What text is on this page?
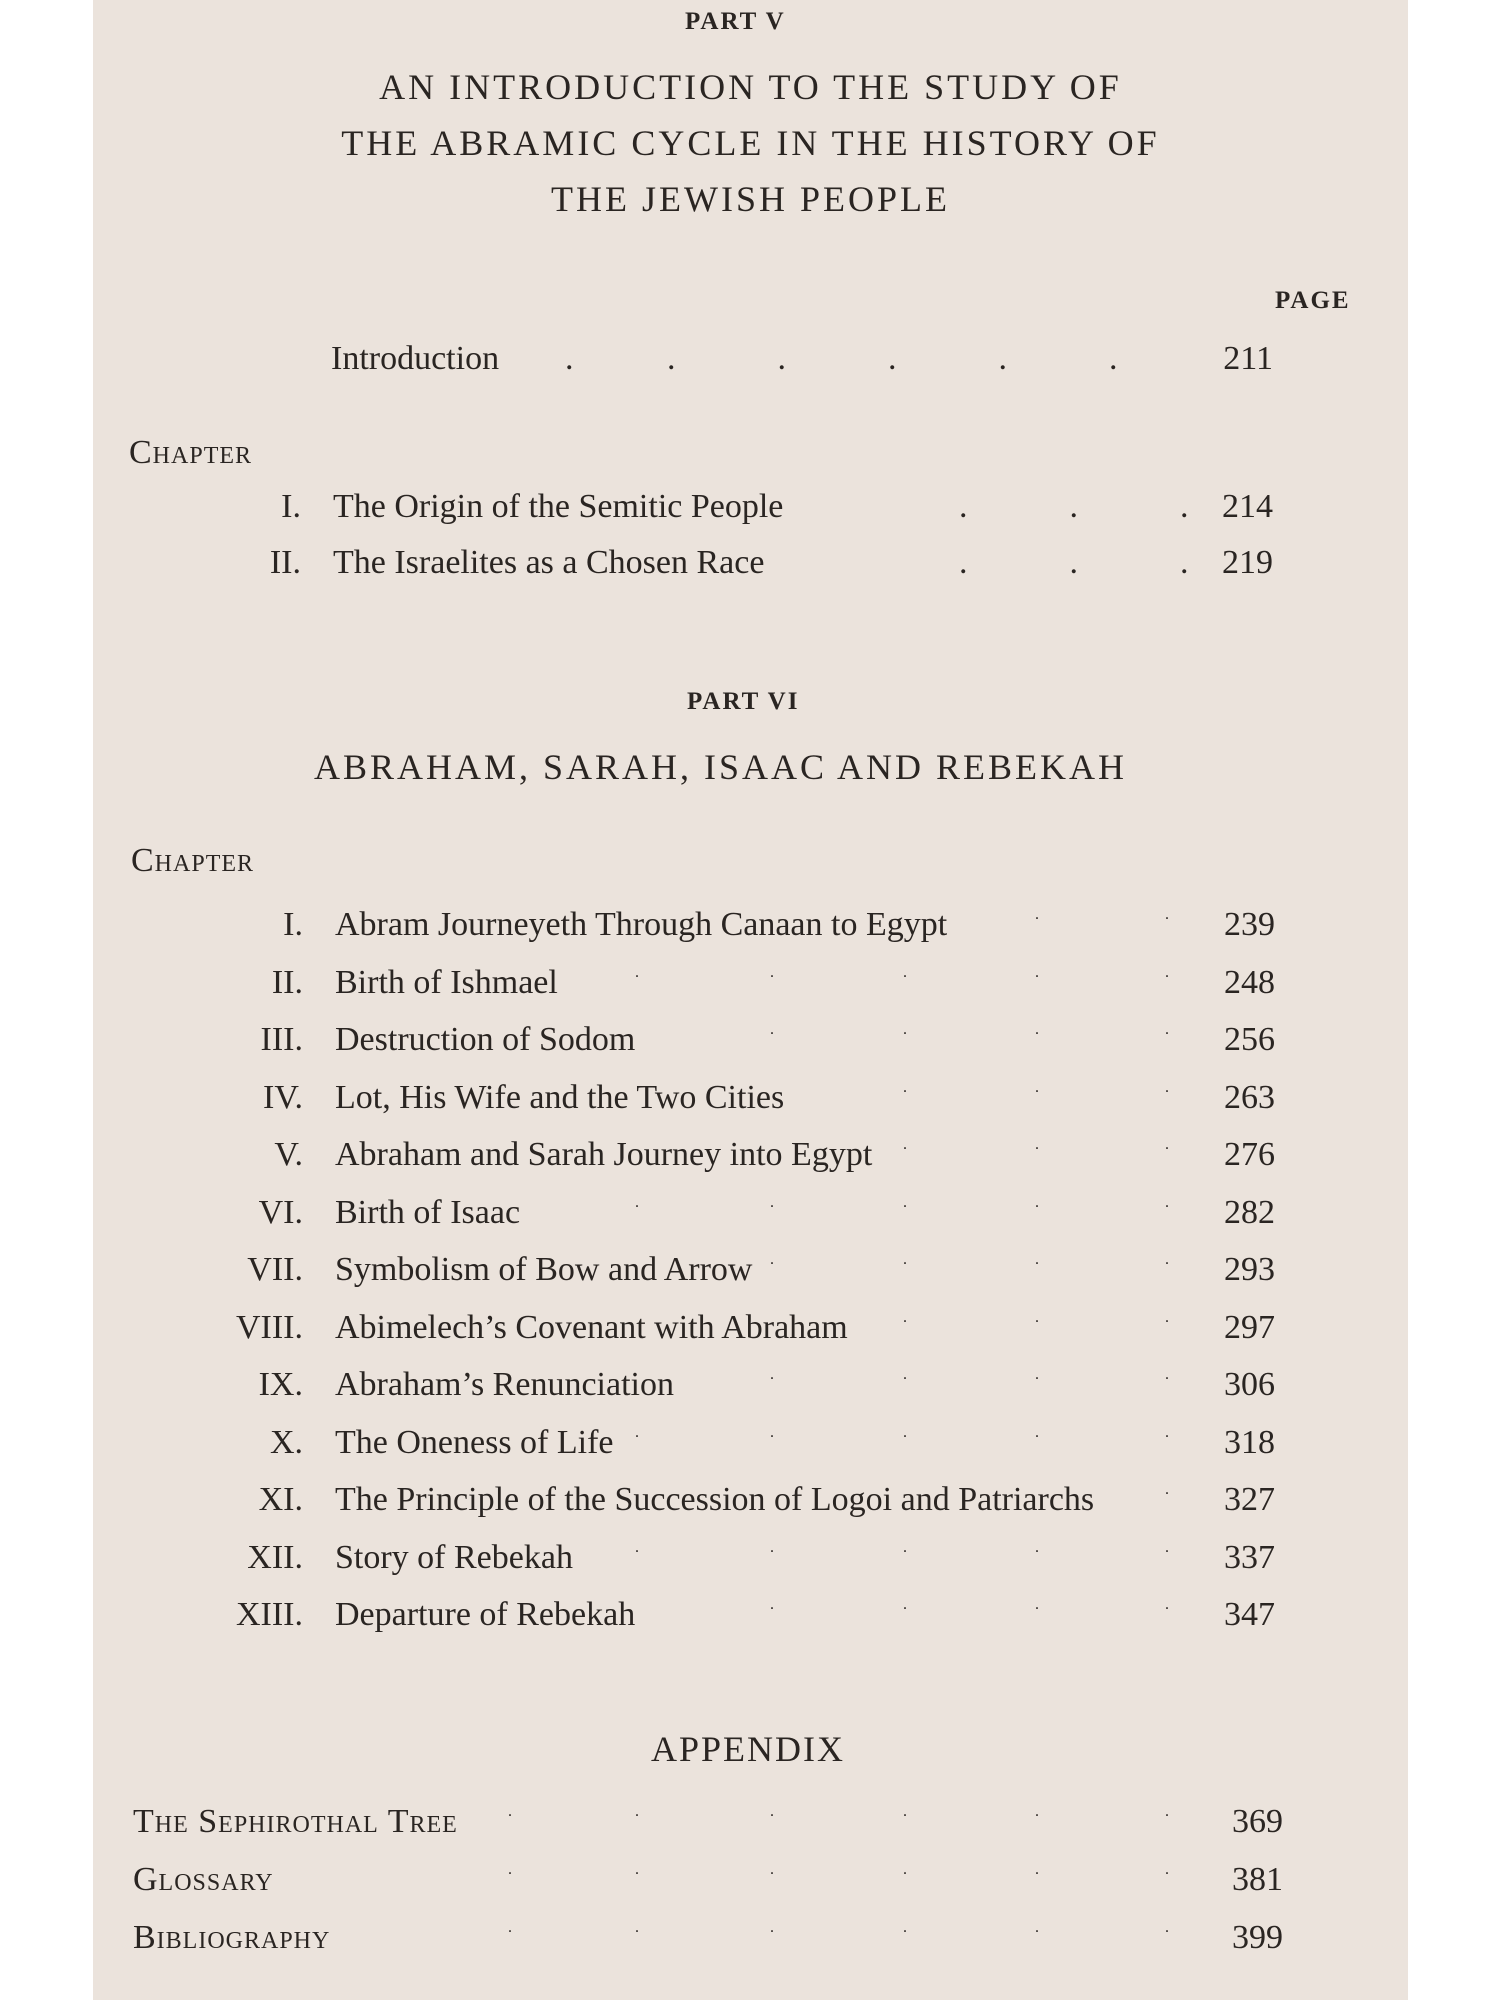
PART V
AN INTRODUCTION TO THE STUDY OF
THE ABRAMIC CYCLE IN THE HISTORY OF
THE JEWISH PEOPLE
PAGE
Introduction .           .            .            .            .            .	211
Chapter
I. The Origin of the Semitic People	.            .            . 214
II. The Israelites as a Chosen Race	.            .            . 219
PART VI
ABRAHAM, SARAH, ISAAC AND REBEKAH
Chapter
I. Abram Journeyeth Through Canaan to Egypt	239
.	.
II. Birth of Ishmael	248
.	.	.	.	.
III. Destruction of Sodom	256
.	.	.	.
IV. Lot, His Wife and the Two Cities	263
.	.	.
V. Abraham and Sarah Journey into Egypt	276
.	.	.
VI. Birth of Isaac	282
.	.	.	.	.
VII. Symbolism of Bow and Arrow	293
.	.	.	.
VIII. Abimelech’s Covenant with Abraham	297
.	.	.
IX. Abraham’s Renunciation	306
.	.	.	.
X. The Oneness of Life	318
.	.	.	.	.
XI. The Principle of the Succession of Logoi and Patriarchs	327
.
XII. Story of Rebekah	337
.	.	.	.	.
XIII. Departure of Rebekah	347
.	.	.	.
APPENDIX
The Sephirothal Tree	369
.	.	.	.	.	.
Glossary	381
.	.	.	.	.	.
Bibliography	399
.	.	.	.	.	.
